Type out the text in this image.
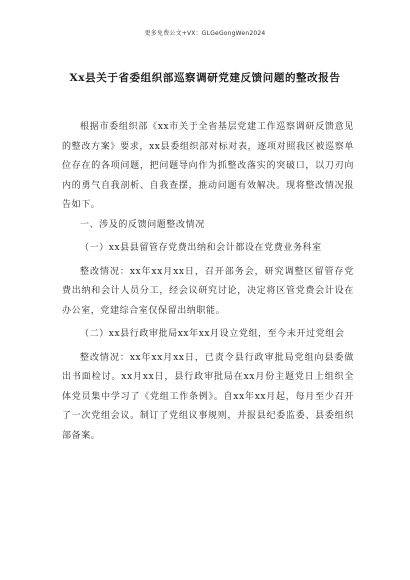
更多免费公文+VX：GLGeGongWen2024
Xx县关于省委组织部巡察调研党建反馈问题的整改报告

根据市委组织部《xx市关于全省基层党建工作巡察调研反馈意见的整改方案》要求，xx县委组织部对标对表，逐项对照我区被巡察单位存在的各项问题，把问题导向作为抓整改落实的突破口，以刀刃向内的勇气自我剖析、自我查摆，推动问题有效解决。现将整改情况报告如下。

一、涉及的反馈问题整改情况

（一）xx县县留管存党费出纳和会计都设在党费业务科室

整改情况：xx年xx月xx日，召开部务会，研究调整区留管存党费出纳和会计人员分工，经会议研究讨论，决定将区管党费会计设在办公室，党建综合室仅保留出纳职能。

（二）xx县行政审批局xx年xx月设立党组，至今未开过党组会

整改情况：xx年xx月xx日，已责令县行政审批局党组向县委做出书面检讨。xx月xx日，县行政审批局在xx月份主题党日上组织全体党员集中学习了《党组工作条例》。自xx年xx月起，每月至少召开了一次党组会议。制订了党组议事规则，并报县纪委监委、县委组织部备案。
